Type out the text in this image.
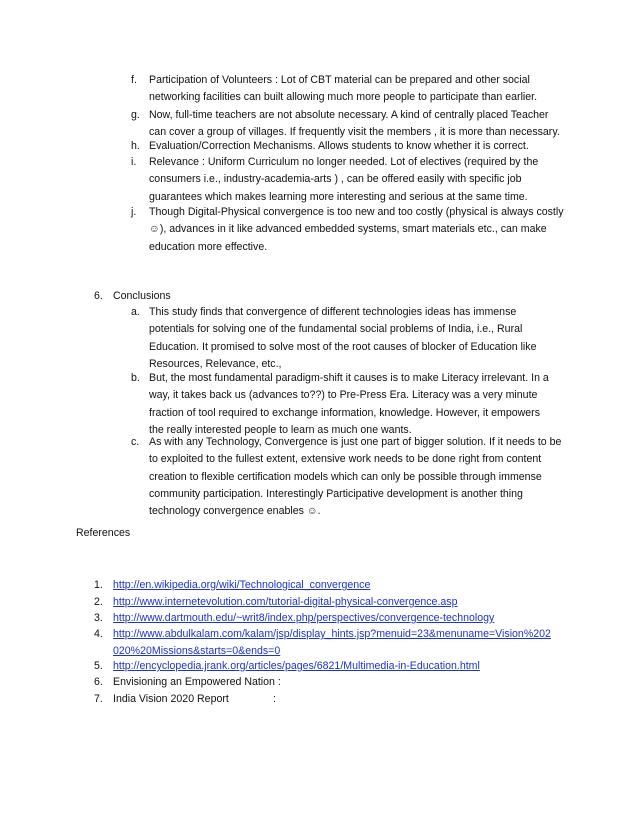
f. Participation of Volunteers : Lot of CBT material can be prepared and other social
networking facilities can built allowing much more people to participate than earlier.
g. Now, full-time teachers are not absolute necessary. A kind of centrally placed Teacher
can cover a group of villages. If frequently visit the members , it is more than necessary.
h. Evaluation/Correction Mechanisms. Allows students to know whether it is correct.
i. Relevance : Uniform Curriculum no longer needed. Lot of electives (required by the
consumers i.e., industry-academia-arts ) , can be offered easily with specific job
guarantees which makes learning more interesting and serious at the same time.
j. Though Digital-Physical convergence is too new and too costly (physical is always costly
☺), advances in it like advanced embedded systems, smart materials etc., can make
education more effective.
6. Conclusions
a. This study finds that convergence of different technologies ideas has immense
potentials for solving one of the fundamental social problems of India, i.e., Rural
Education. It promised to solve most of the root causes of blocker of Education like
Resources, Relevance, etc.,
b. But, the most fundamental paradigm-shift it causes is to make Literacy irrelevant. In a
way, it takes back us (advances to??) to Pre-Press Era. Literacy was a very minute
fraction of tool required to exchange information, knowledge. However, it empowers
the really interested people to learn as much one wants.
c. As with any Technology, Convergence is just one part of bigger solution. If it needs to be
to exploited to the fullest extent, extensive work needs to be done right from content
creation to flexible certification models which can only be possible through immense
community participation. Interestingly Participative development is another thing
technology convergence enables ☺.
References
1. http://en.wikipedia.org/wiki/Technological_convergence
2. http://www.internetevolution.com/tutorial-digital-physical-convergence.asp
3. http://www.dartmouth.edu/~writ8/index.php/perspectives/convergence-technology
4. http://www.abdulkalam.com/kalam/jsp/display_hints.jsp?menuid=23&menuname=Vision%202
020%20Missions&starts=0&ends=0
5. http://encyclopedia.jrank.org/articles/pages/6821/Multimedia-in-Education.html
6. Envisioning an Empowered Nation :
7. India Vision 2020 Report	:
